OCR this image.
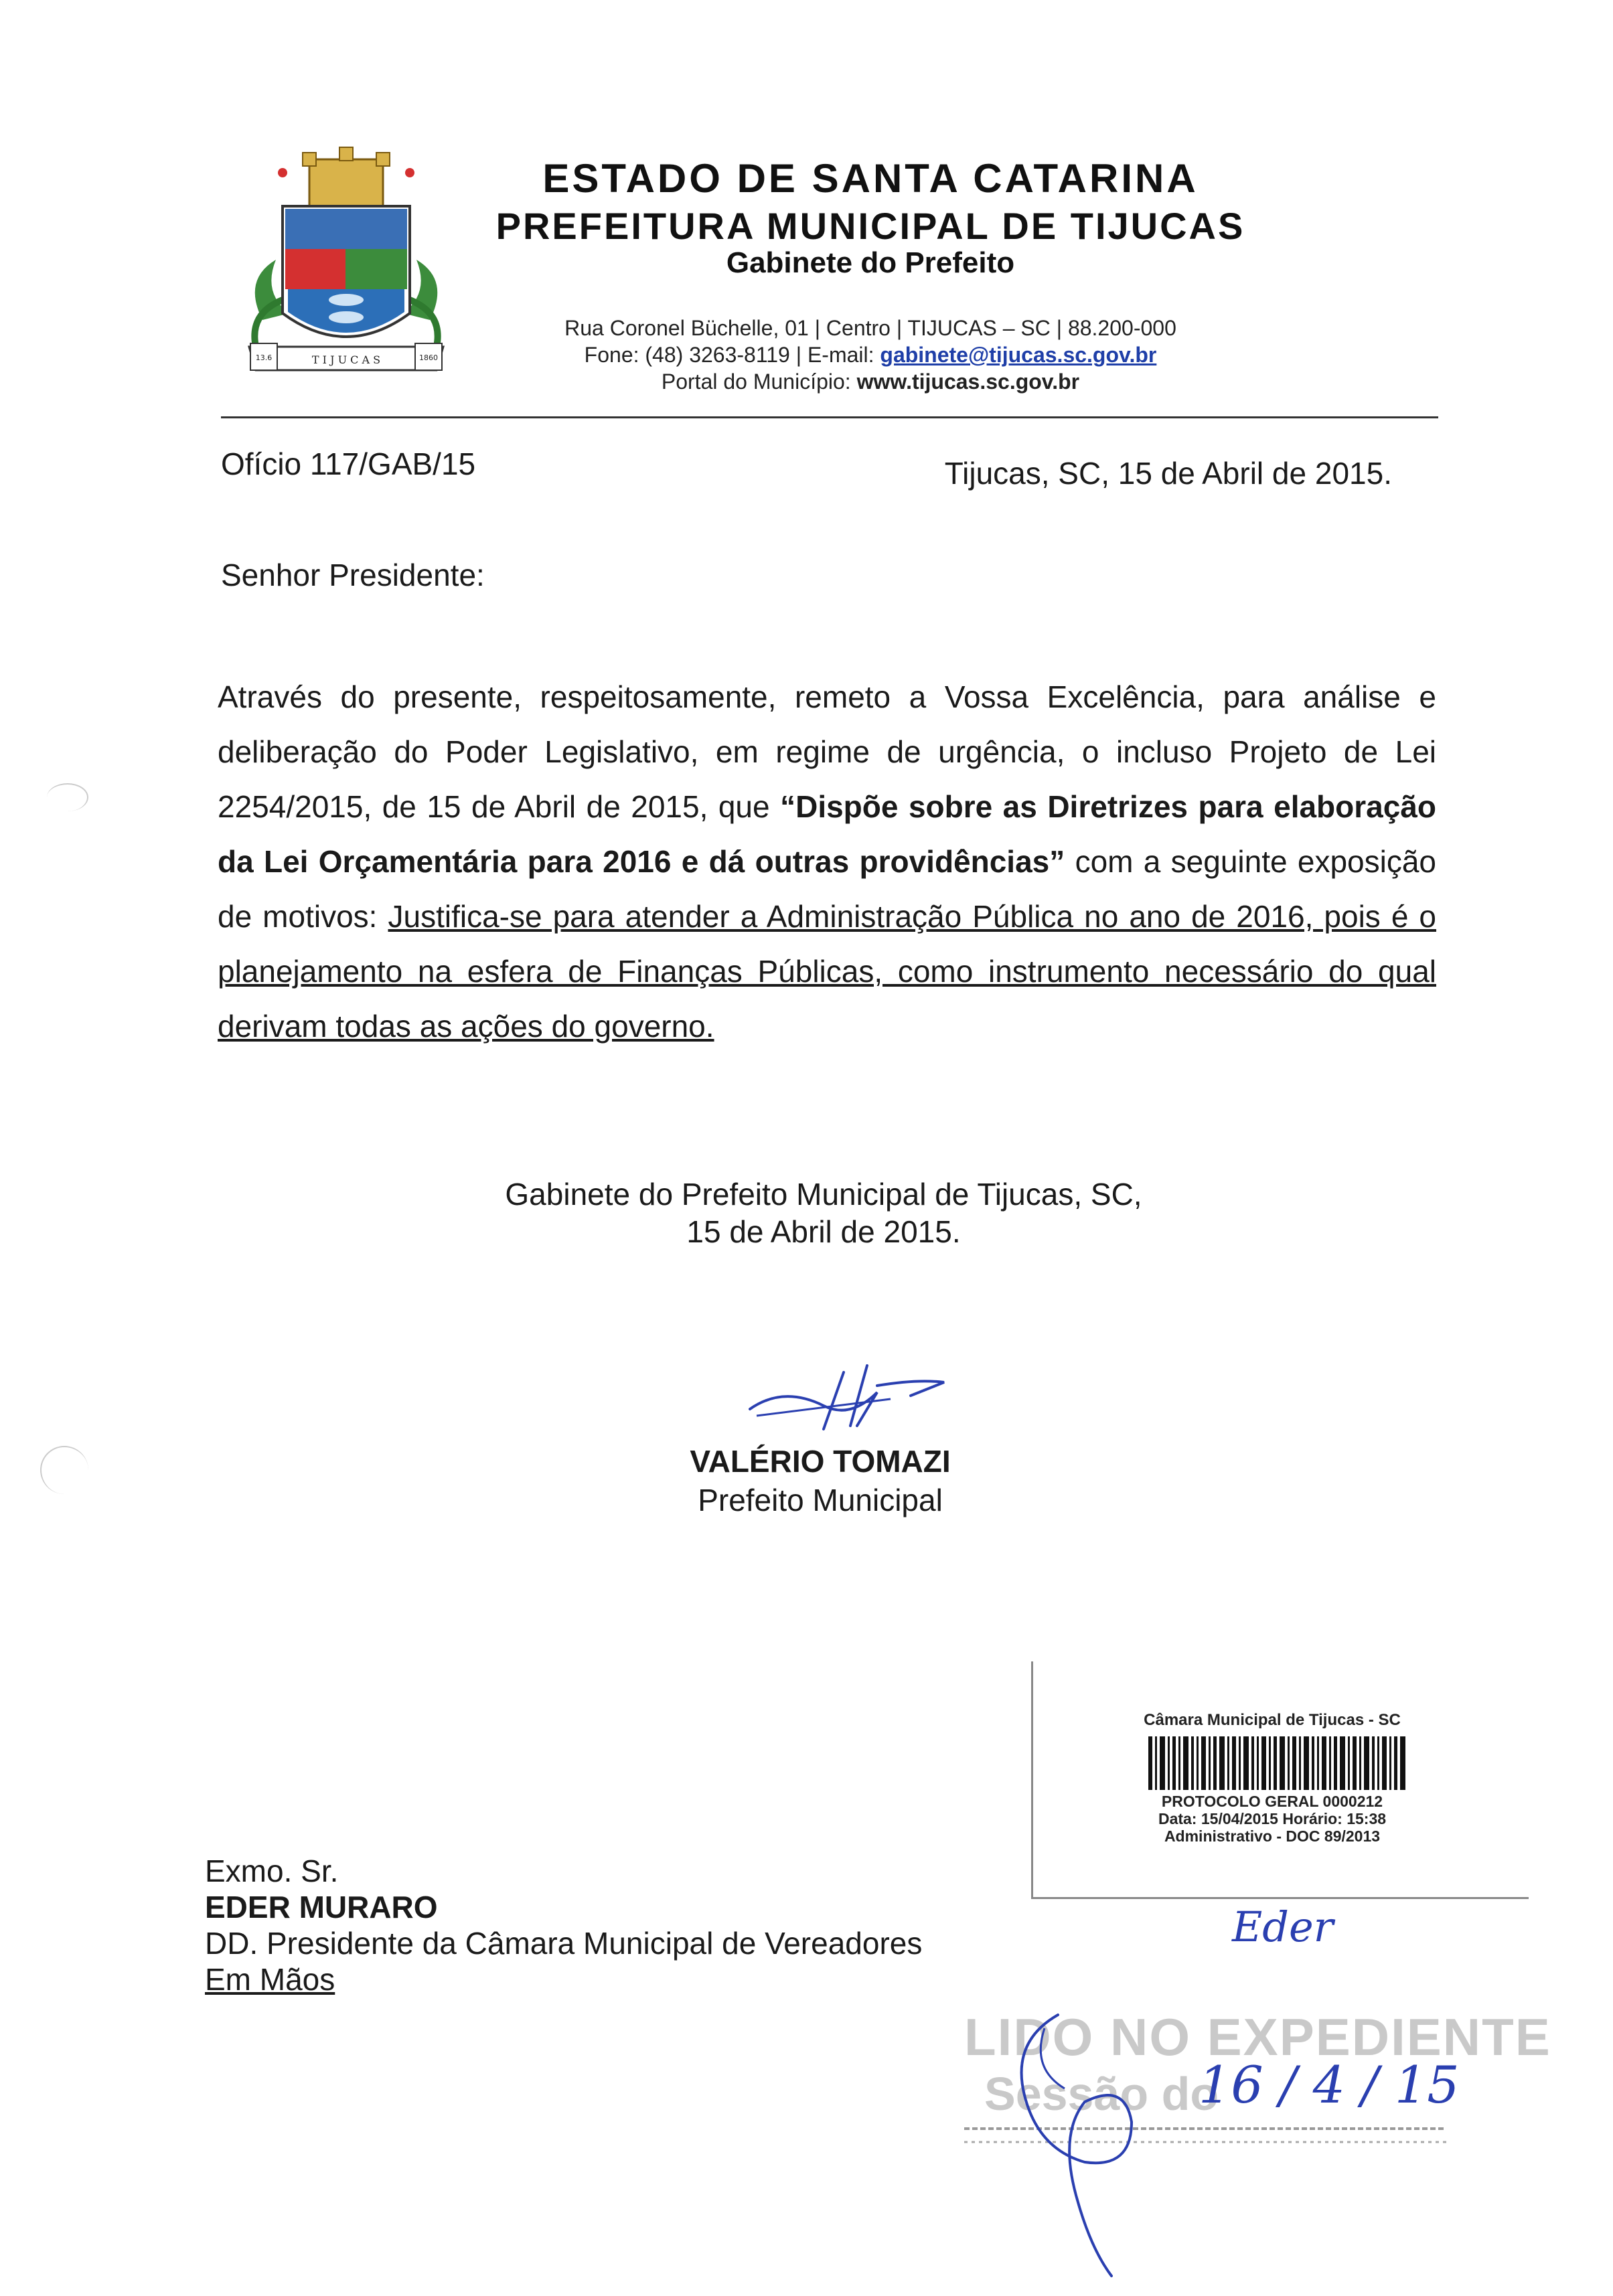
T I J U C A S
13.6	1860
ESTADO DE SANTA CATARINA
PREFEITURA MUNICIPAL DE TIJUCAS
Gabinete do Prefeito
Rua Coronel Büchelle, 01 | Centro | TIJUCAS – SC | 88.200-000
Fone: (48) 3263-8119 | E-mail: gabinete@tijucas.sc.gov.br
Portal do Município: www.tijucas.sc.gov.br
Ofício 117/GAB/15	Tijucas, SC, 15 de Abril de 2015.
Senhor Presidente:
Através do presente, respeitosamente, remeto a Vossa Excelência, para análise e deliberação do Poder Legislativo, em regime de urgência, o incluso Projeto de Lei 2254/2015, de 15 de Abril de 2015, que “Dispõe sobre as Diretrizes para elaboração da Lei Orçamentária para 2016 e dá outras providências” com a seguinte exposição de motivos: Justifica-se para atender a Administração Pública no ano de 2016, pois é o planejamento na esfera de Finanças Públicas, como instrumento necessário do qual derivam todas as ações do governo.
Gabinete do Prefeito Municipal de Tijucas, SC,
15 de Abril de 2015.
VALÉRIO TOMAZI
Prefeito Municipal
Câmara Municipal de Tijucas - SC
PROTOCOLO GERAL 0000212
Data: 15/04/2015 Horário: 15:38
Administrativo - DOC 89/2013
Exmo. Sr.
EDER MURARO
DD. Presidente da Câmara Municipal de Vereadores
Em Mãos
Eder
LIDO NO EXPEDIENTE
Sessão do
16 / 4 / 15
